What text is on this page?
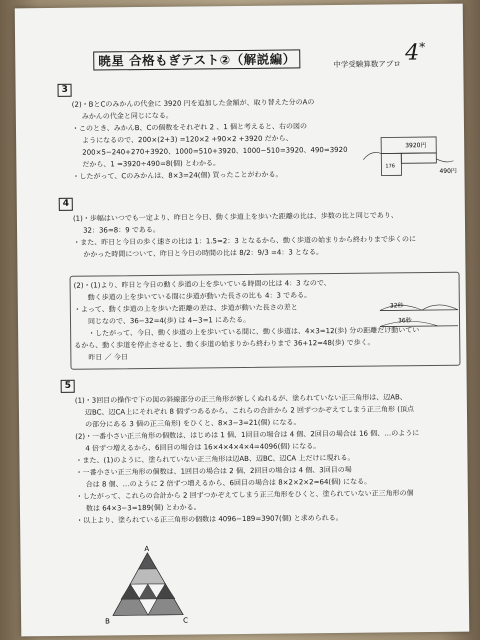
暁星 合格もぎテスト②（解説編）	中学受験算数アプロ 4*
3
(2)・BとCのみかんの代金に 3920 円を追加した金額が、取り替えた分のAの
みかんの代金と同じになる。
・このとき、みかんB、Cの個数をそれぞれ 2 、1 個と考えると、右の図の
ようになるので、200×(2+3) =120×2 +90×2 +3920 だから、
200×5−240+270+3920、1000=510+3920、1000−510=3920、490=3920
だから、1 =3920÷490=8(個) とわかる。
・したがって、Cのみかんは、8×3=24(個) 買ったことがわかる。
3920円
490円
176
4
(1)・歩幅はいつでも一定より、昨日と今日、動く歩道上を歩いた距離の比は、歩数の比と同じであり、
32：36=8：9 である。
・また、昨日と今日の歩く速さの比は 1：1.5=2：3 となるから、動く歩道の始まりから終わりまで歩くのに
かかった時間について、昨日と今日の時間の比は 8/2：9/3 =4：3 となる。
(2)・(1)より、昨日と今日の動く歩道の上を歩いている時間の比は 4：3 なので、
動く歩道の上を歩いている間に歩道が動いた長さの比も 4：3 である。
・よって、動く歩道の上を歩いた距離の差は、歩道が動いた長さの差と
同じなので、36−32=4(歩) は 4−3=1 にあたる。
・したがって、今日、動く歩道の上を歩いている間に、動く歩道は、4×3=12(歩) 分の距離だけ動いてい
るから、動く歩道を停止させると、動く歩道の始まりから終わりまで 36+12=48(歩) で歩く。
昨日 ／ 今日
32秒
36秒
5
(1)・3回目の操作で下の図の斜線部分の正三角形が新しくぬれるが、塗られていない正三角形は、辺AB、
辺BC、辺CA上にそれぞれ 8 個ずつあるから、これらの合計から 2 回ずつかぞえてしまう正三角形 (頂点
の部分にある 3 個の正三角形) をひくと、8×3−3=21(個) になる。
(2)・一番小さい正三角形の個数は、はじめは 1 個、1回目の場合は 4 個、2回目の場合は 16 個、…のように
4 倍ずつ増えるから、6回目の場合は 16×4×4×4×4=4096(個) になる。
・また、(1)のように、塗られていない正三角形は辺AB、辺BC、辺CA 上だけに現れる。
・一番小さい正三角形の個数は、1回目の場合は 2 個、2回目の場合は 4 個、3回目の場
合は 8 個、…のように 2 倍ずつ増えるから、6回目の場合は 8×2×2×2=64(個) になる。
・したがって、これらの合計から 2 回ずつかぞえてしまう正三角形をひくと、塗られていない正三角形の個
数は 64×3−3=189(個) とわかる。
・以上より、塗られている正三角形の個数は 4096−189=3907(個) と求められる。
A
B	C
